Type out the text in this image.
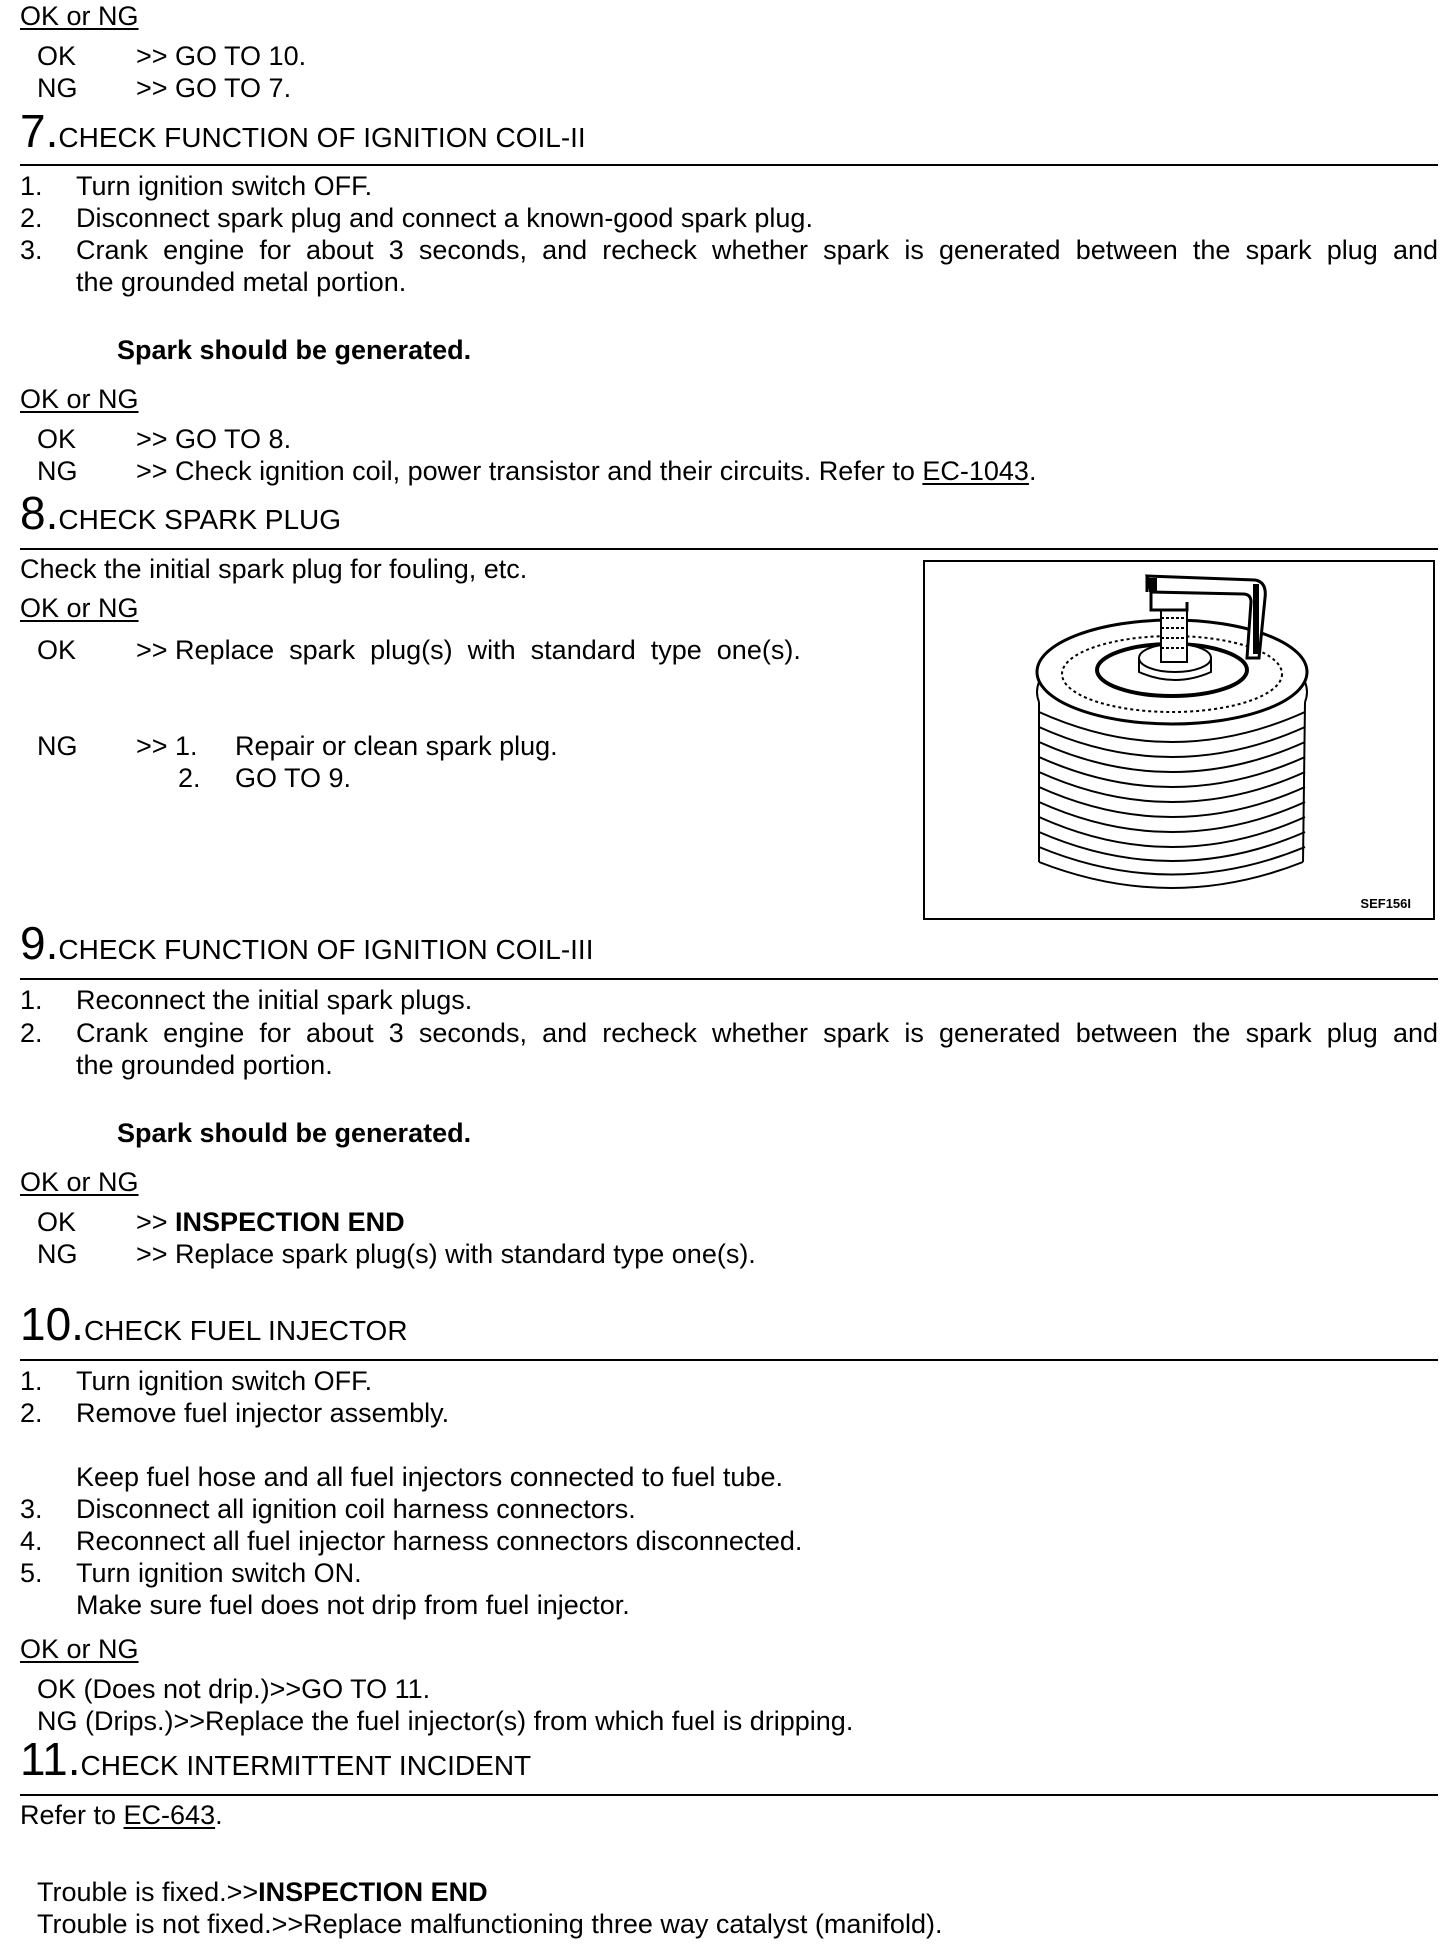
OK or NG
OK >> GO TO 10.
NG >> GO TO 7.
7.CHECK FUNCTION OF IGNITION COIL-II
1. Turn ignition switch OFF.
2. Disconnect spark plug and connect a known-good spark plug.
3. Crank engine for about 3 seconds, and recheck whether spark is generated between the spark plug and
the grounded metal portion.
Spark should be generated.
OK or NG
OK >> GO TO 8.
NG >> Check ignition coil, power transistor and their circuits. Refer to EC-1043.
8.CHECK SPARK PLUG
Check the initial spark plug for fouling, etc.
OK or NG
OK >> Replace  spark  plug(s)  with  standard  type  one(s).
NG >> 1. Repair or clean spark plug.
2. GO TO 9.
SEF156I
9.CHECK FUNCTION OF IGNITION COIL-III
1. Reconnect the initial spark plugs.
2. Crank engine for about 3 seconds, and recheck whether spark is generated between the spark plug and
the grounded portion.
Spark should be generated.
OK or NG
OK >> INSPECTION END
NG >> Replace spark plug(s) with standard type one(s).
10.CHECK FUEL INJECTOR
1. Turn ignition switch OFF.
2. Remove fuel injector assembly.
Keep fuel hose and all fuel injectors connected to fuel tube.
3. Disconnect all ignition coil harness connectors.
4. Reconnect all fuel injector harness connectors disconnected.
5. Turn ignition switch ON.
Make sure fuel does not drip from fuel injector.
OK or NG
OK (Does not drip.)>>GO TO 11.
NG (Drips.)>>Replace the fuel injector(s) from which fuel is dripping.
11.CHECK INTERMITTENT INCIDENT
Refer to EC-643.
Trouble is fixed.>>INSPECTION END
Trouble is not fixed.>>Replace malfunctioning three way catalyst (manifold).
